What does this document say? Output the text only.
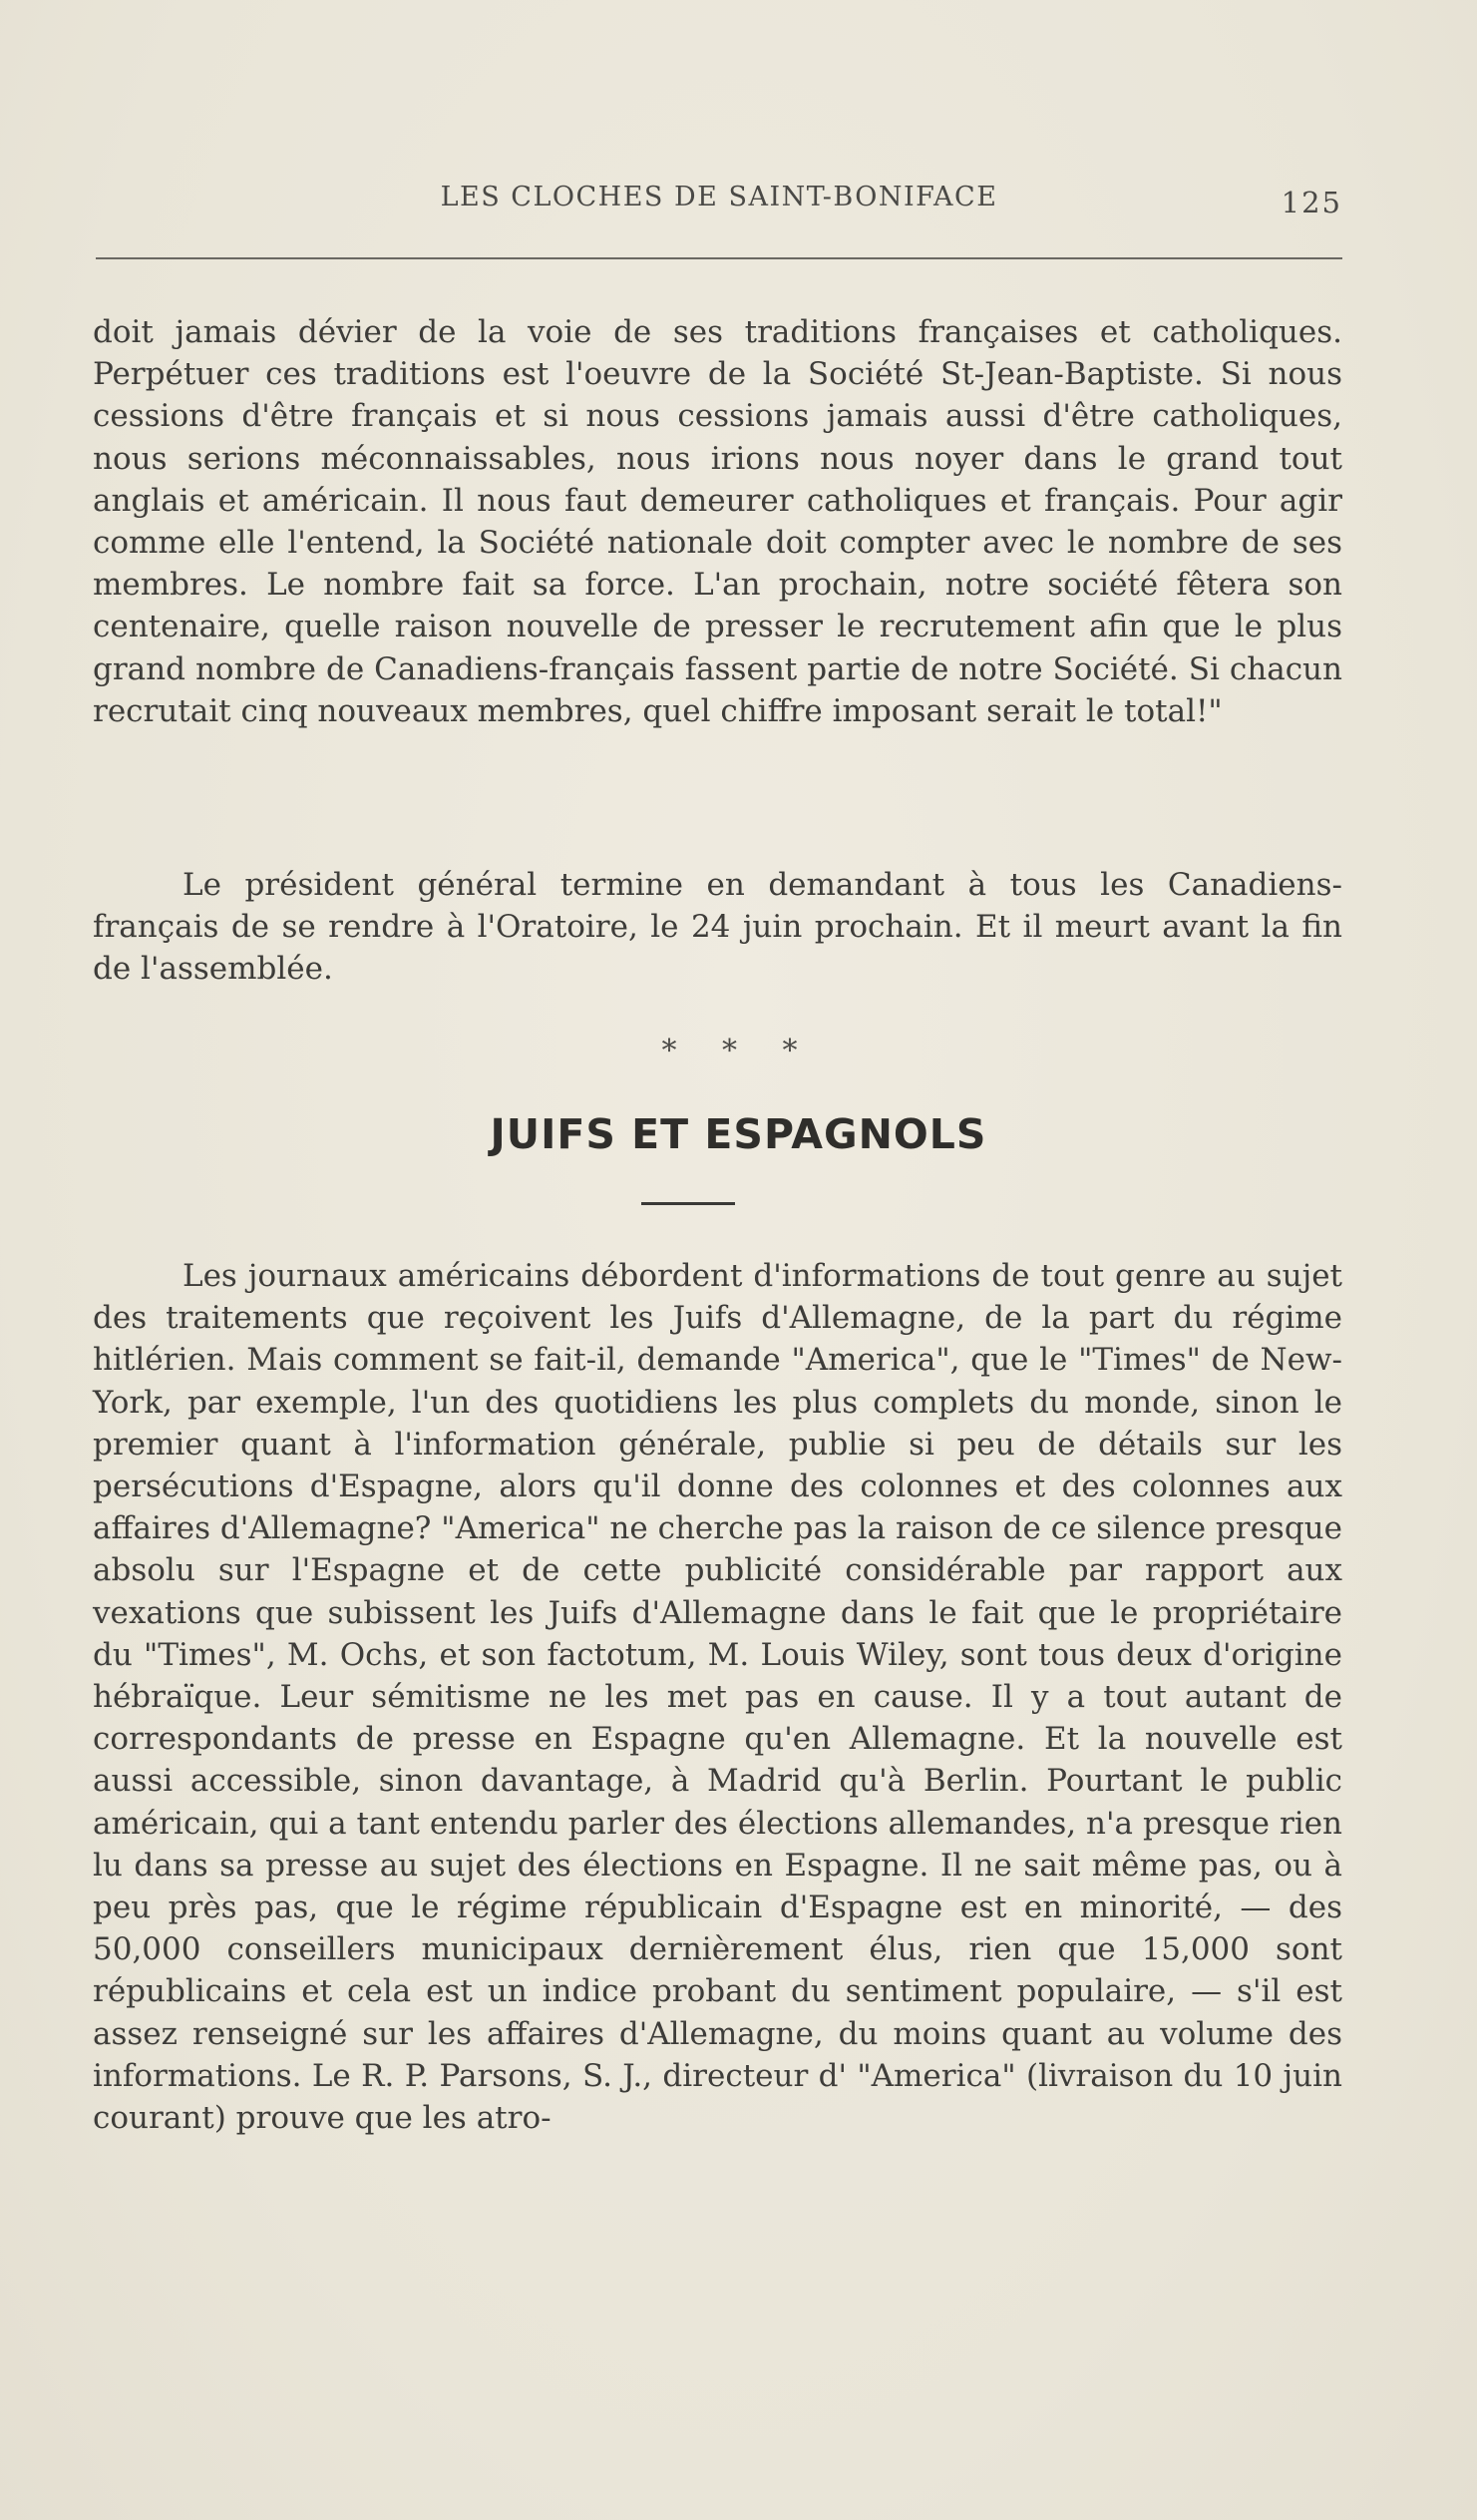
LES CLOCHES DE SAINT-BONIFACE	125

doit jamais dévier de la voie de ses traditions françaises et catholiques. Perpétuer ces traditions est l'oeuvre de la Société St-Jean-Baptiste. Si nous cessions d'être français et si nous cessions jamais aussi d'être catholiques, nous serions méconnaissables, nous irions nous noyer dans le grand tout anglais et américain. Il nous faut demeurer catholiques et français. Pour agir comme elle l'entend, la Société nationale doit compter avec le nombre de ses membres. Le nombre fait sa force. L'an prochain, notre société fêtera son centenaire, quelle raison nouvelle de presser le recrutement afin que le plus grand nombre de Canadiens-français fassent partie de notre Société. Si chacun recrutait cinq nouveaux membres, quel chiffre imposant serait le total!"

Le président général termine en demandant à tous les Canadiens-français de se rendre à l'Oratoire, le 24 juin prochain. Et il meurt avant la fin de l'assemblée.

* * *
JUIFS ET ESPAGNOLS

Les journaux américains débordent d'informations de tout genre au sujet des traitements que reçoivent les Juifs d'Allemagne, de la part du régime hitlérien. Mais comment se fait-il, demande "America", que le "Times" de New-York, par exemple, l'un des quotidiens les plus complets du monde, sinon le premier quant à l'information générale, publie si peu de détails sur les persécutions d'Espagne, alors qu'il donne des colonnes et des colonnes aux affaires d'Allemagne? "America" ne cherche pas la raison de ce silence presque absolu sur l'Espagne et de cette publicité considérable par rapport aux vexations que subissent les Juifs d'Allemagne dans le fait que le propriétaire du "Times", M. Ochs, et son factotum, M. Louis Wiley, sont tous deux d'origine hébraïque. Leur sémitisme ne les met pas en cause. Il y a tout autant de correspondants de presse en Espagne qu'en Allemagne. Et la nouvelle est aussi accessible, sinon davantage, à Madrid qu'à Berlin. Pourtant le public américain, qui a tant entendu parler des élections allemandes, n'a presque rien lu dans sa presse au sujet des élections en Espagne. Il ne sait même pas, ou à peu près pas, que le régime républicain d'Espagne est en minorité, — des 50,000 conseillers municipaux dernièrement élus, rien que 15,000 sont républicains et cela est un indice probant du sentiment populaire, — s'il est assez renseigné sur les affaires d'Allemagne, du moins quant au volume des informations. Le R. P. Parsons, S. J., directeur d' "America" (livraison du 10 juin courant) prouve que les atro-
